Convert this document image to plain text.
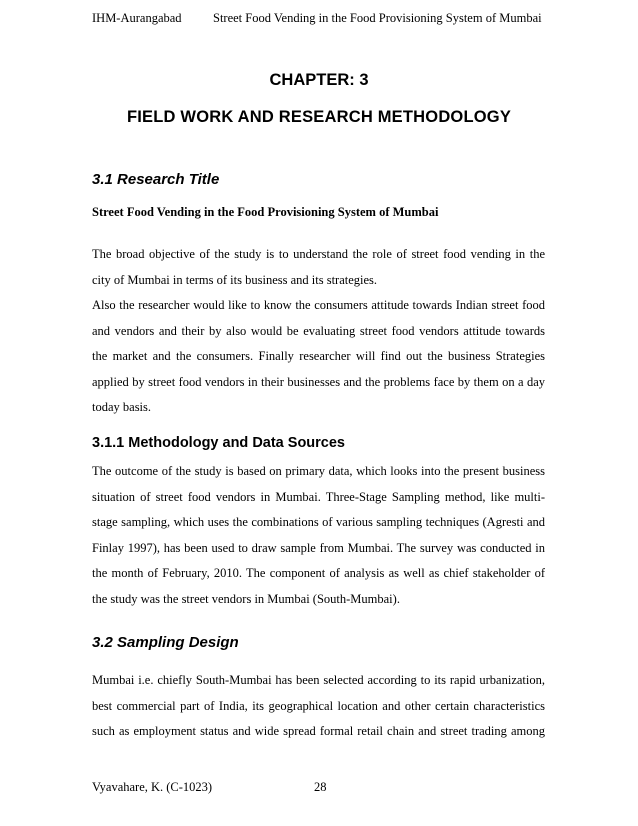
IHM-Aurangabad	Street Food Vending in the Food Provisioning System of Mumbai
CHAPTER: 3
FIELD WORK AND RESEARCH METHODOLOGY
3.1 Research Title
Street Food Vending in the Food Provisioning System of Mumbai
The broad objective of the study is to understand the role of street food vending in the
city of Mumbai in terms of its business and its strategies.
Also the researcher would like to know the consumers attitude towards Indian street food
and vendors and their by also would be evaluating street food vendors attitude towards
the market and the consumers. Finally researcher will find out the business Strategies
applied by street food vendors in their businesses and the problems face by them on a day
today basis.
3.1.1 Methodology and Data Sources
The outcome of the study is based on primary data, which looks into the present business
situation of street food vendors in Mumbai. Three-Stage Sampling method, like multi-
stage sampling, which uses the combinations of various sampling techniques (Agresti and
Finlay 1997), has been used to draw sample from Mumbai. The survey was conducted in
the month of February, 2010. The component of analysis as well as chief stakeholder of
the study was the street vendors in Mumbai (South-Mumbai).
3.2 Sampling Design
Mumbai i.e. chiefly South-Mumbai has been selected according to its rapid urbanization,
best commercial part of India, its geographical location and other certain characteristics
such as employment status and wide spread formal retail chain and street trading among
Vyavahare, K. (C-1023)	28
